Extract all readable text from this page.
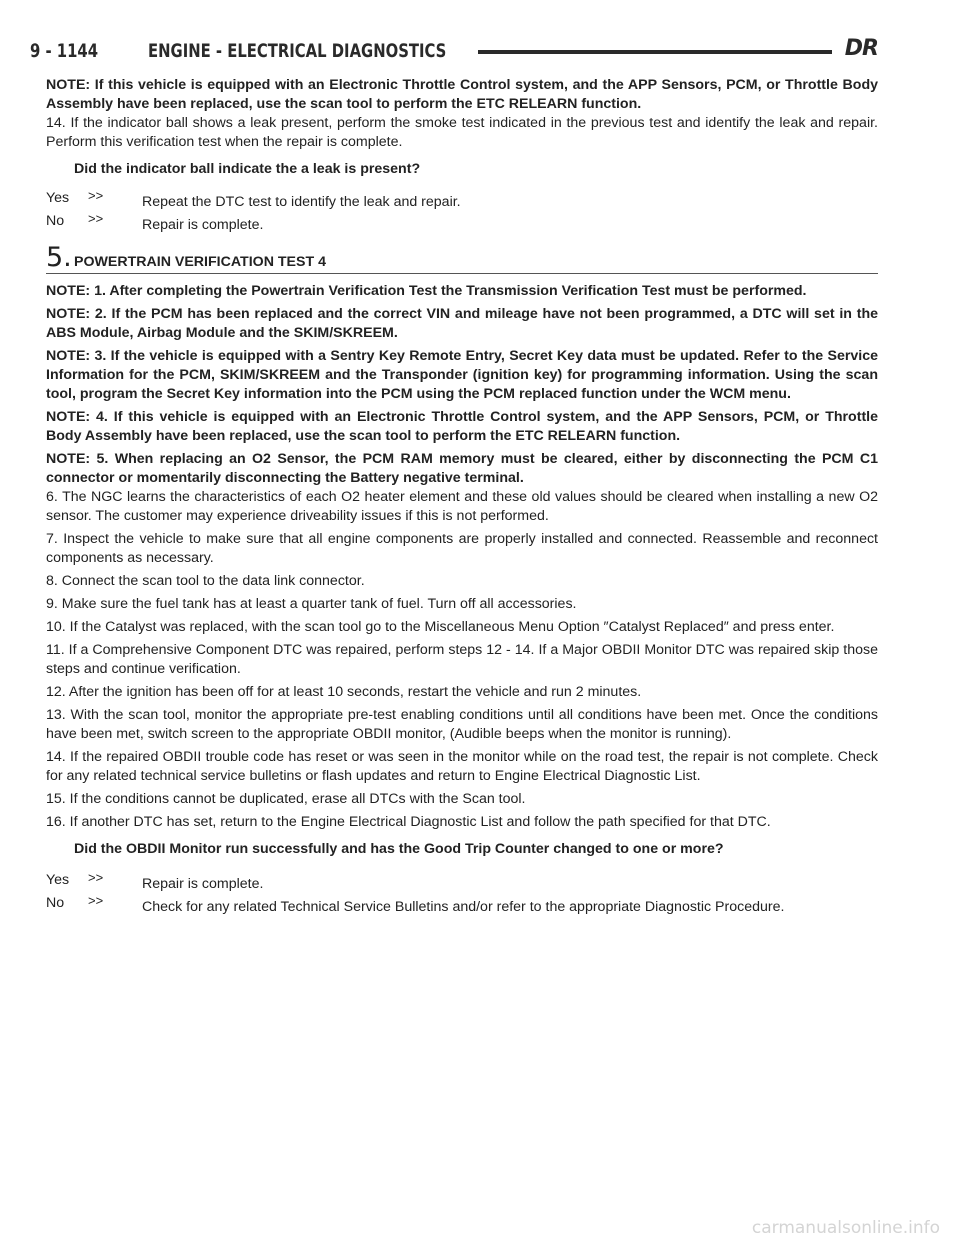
9 - 1144	ENGINE - ELECTRICAL DIAGNOSTICS	DR

NOTE: If this vehicle is equipped with an Electronic Throttle Control system, and the APP Sensors, PCM, or Throttle Body Assembly have been replaced, use the scan tool to perform the ETC RELEARN function.

14. If the indicator ball shows a leak present, perform the smoke test indicated in the previous test and identify the leak and repair. Perform this verification test when the repair is complete.

Did the indicator ball indicate the a leak is present?

Yes	>>	Repeat the DTC test to identify the leak and repair.
No	>>	Repair is complete.
5. POWERTRAIN VERIFICATION TEST 4

NOTE: 1. After completing the Powertrain Verification Test the Transmission Verification Test must be performed.

NOTE: 2. If the PCM has been replaced and the correct VIN and mileage have not been programmed, a DTC will set in the ABS Module, Airbag Module and the SKIM/SKREEM.

NOTE: 3. If the vehicle is equipped with a Sentry Key Remote Entry, Secret Key data must be updated. Refer to the Service Information for the PCM, SKIM/SKREEM and the Transponder (ignition key) for programming information. Using the scan tool, program the Secret Key information into the PCM using the PCM replaced function under the WCM menu.

NOTE: 4. If this vehicle is equipped with an Electronic Throttle Control system, and the APP Sensors, PCM, or Throttle Body Assembly have been replaced, use the scan tool to perform the ETC RELEARN function.

NOTE: 5. When replacing an O2 Sensor, the PCM RAM memory must be cleared, either by disconnecting the PCM C1 connector or momentarily disconnecting the Battery negative terminal.

6. The NGC learns the characteristics of each O2 heater element and these old values should be cleared when installing a new O2 sensor. The customer may experience driveability issues if this is not performed.

7. Inspect the vehicle to make sure that all engine components are properly installed and connected. Reassemble and reconnect components as necessary.

8. Connect the scan tool to the data link connector.

9. Make sure the fuel tank has at least a quarter tank of fuel. Turn off all accessories.

10. If the Catalyst was replaced, with the scan tool go to the Miscellaneous Menu Option ″Catalyst Replaced″ and press enter.

11. If a Comprehensive Component DTC was repaired, perform steps 12 - 14. If a Major OBDII Monitor DTC was repaired skip those steps and continue verification.

12. After the ignition has been off for at least 10 seconds, restart the vehicle and run 2 minutes.

13. With the scan tool, monitor the appropriate pre-test enabling conditions until all conditions have been met. Once the conditions have been met, switch screen to the appropriate OBDII monitor, (Audible beeps when the monitor is running).

14. If the repaired OBDII trouble code has reset or was seen in the monitor while on the road test, the repair is not complete. Check for any related technical service bulletins or flash updates and return to Engine Electrical Diagnostic List.

15. If the conditions cannot be duplicated, erase all DTCs with the Scan tool.

16. If another DTC has set, return to the Engine Electrical Diagnostic List and follow the path specified for that DTC.

Did the OBDII Monitor run successfully and has the Good Trip Counter changed to one or more?

Yes	>>	Repair is complete.
No	>>	Check for any related Technical Service Bulletins and/or refer to the appropriate Diagnostic Procedure.
carmanualsonline.info
